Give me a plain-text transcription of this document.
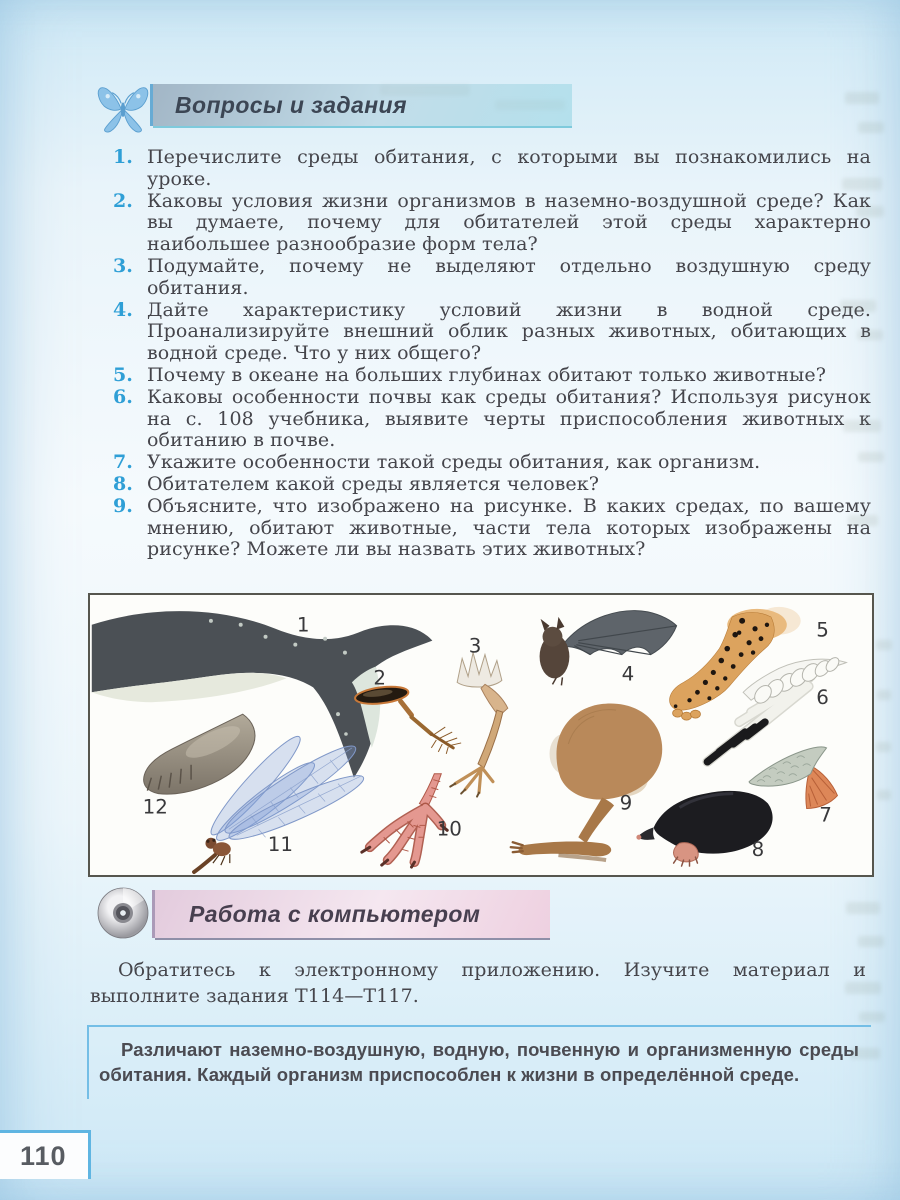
Вопросы и задания
1. Перечислите среды обитания, с которыми вы познакомились на уроке.
2. Каковы условия жизни организмов в наземно-воздушной среде? Как вы думаете, почему для обитателей этой среды характерно наибольшее разнообразие форм тела?
3. Подумайте, почему не выделяют отдельно воздушную среду обитания.
4. Дайте характеристику условий жизни в водной среде. Проанализируйте внешний облик разных животных, обитающих в водной среде. Что у них общего?
5. Почему в океане на больших глубинах обитают только животные?
6. Каковы особенности почвы как среды обитания? Используя рисунок на с. 108 учебника, выявите черты приспособления животных к обитанию в почве.
7. Укажите особенности такой среды обитания, как организм.
8. Обитателем какой среды является человек?
9. Объясните, что изображено на рисунке. В каких средах, по вашему мнению, обитают животные, части тела которых изображены на рисунке? Можете ли вы назвать этих животных?
1
2
3
4
5
6
7
8
9
10
11
12
Работа с компьютером
Обратитесь к электронному приложению. Изучите материал и выполните задания Т114—Т117.
Различают наземно-воздушную, водную, почвенную и организменную среды обитания. Каждый организм приспособлен к жизни в определённой среде.
110
